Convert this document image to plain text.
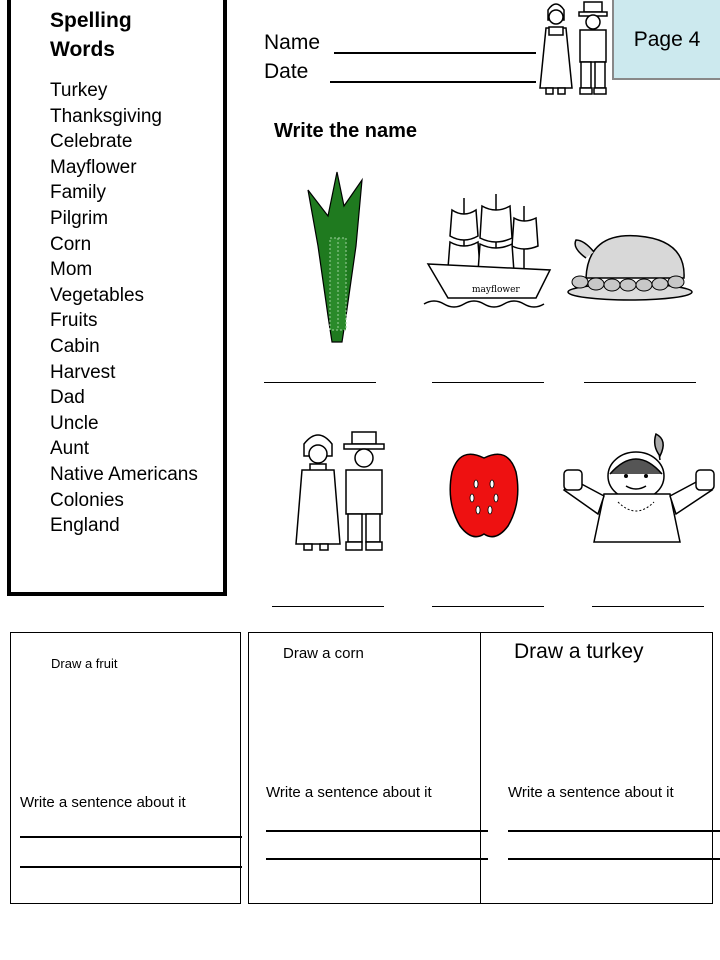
Spelling
Words
Turkey
Thanksgiving
Celebrate
Mayflower
Family
Pilgrim
Corn
Mom
Vegetables
Fruits
Cabin
Harvest
Dad
Uncle
Aunt
Native Americans
Colonies
England
Name
Date
Page 4
Write the name
mayflower
Draw a fruit
Write a sentence about it
Draw a corn
Write a sentence about it
Draw a turkey
Write a sentence about it
